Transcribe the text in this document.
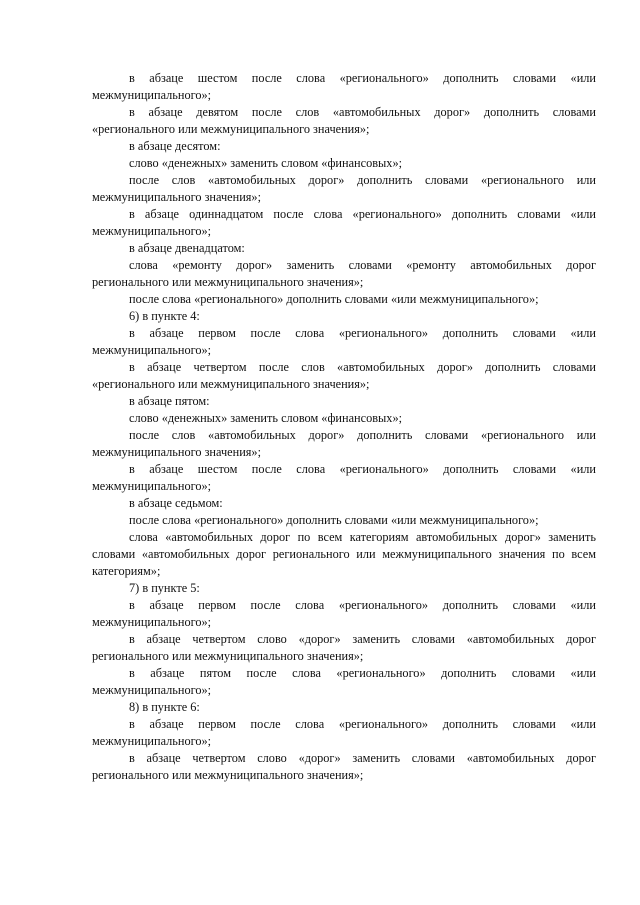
в абзаце шестом после слова «регионального» дополнить словами «или межмуниципального»;

в абзаце девятом после слов «автомобильных дорог» дополнить словами «регионального или межмуниципального значения»;

в абзаце десятом:

слово «денежных» заменить словом «финансовых»;

после слов «автомобильных дорог» дополнить словами «регионального или межмуниципального значения»;

в абзаце одиннадцатом после слова «регионального» дополнить словами «или межмуниципального»;

в абзаце двенадцатом:

слова «ремонту дорог» заменить словами «ремонту автомобильных дорог регионального или межмуниципального значения»;

после слова «регионального» дополнить словами «или межмуниципального»;

6) в пункте 4:

в абзаце первом после слова «регионального» дополнить словами «или межмуниципального»;

в абзаце четвертом после слов «автомобильных дорог» дополнить словами «регионального или межмуниципального значения»;

в абзаце пятом:

слово «денежных» заменить словом «финансовых»;

после слов «автомобильных дорог» дополнить словами «регионального или межмуниципального значения»;

в абзаце шестом после слова «регионального» дополнить словами «или межмуниципального»;

в абзаце седьмом:

после слова «регионального» дополнить словами «или межмуниципального»;

слова «автомобильных дорог по всем категориям автомобильных дорог» заменить словами «автомобильных дорог регионального или межмуниципального значения по всем категориям»;

7) в пункте 5:

в абзаце первом после слова «регионального» дополнить словами «или межмуниципального»;

в абзаце четвертом слово «дорог» заменить словами «автомобильных дорог регионального или межмуниципального значения»;

в абзаце пятом после слова «регионального» дополнить словами «или межмуниципального»;

8) в пункте 6:

в абзаце первом после слова «регионального» дополнить словами «или межмуниципального»;

в абзаце четвертом слово «дорог» заменить словами «автомобильных дорог регионального или межмуниципального значения»;
